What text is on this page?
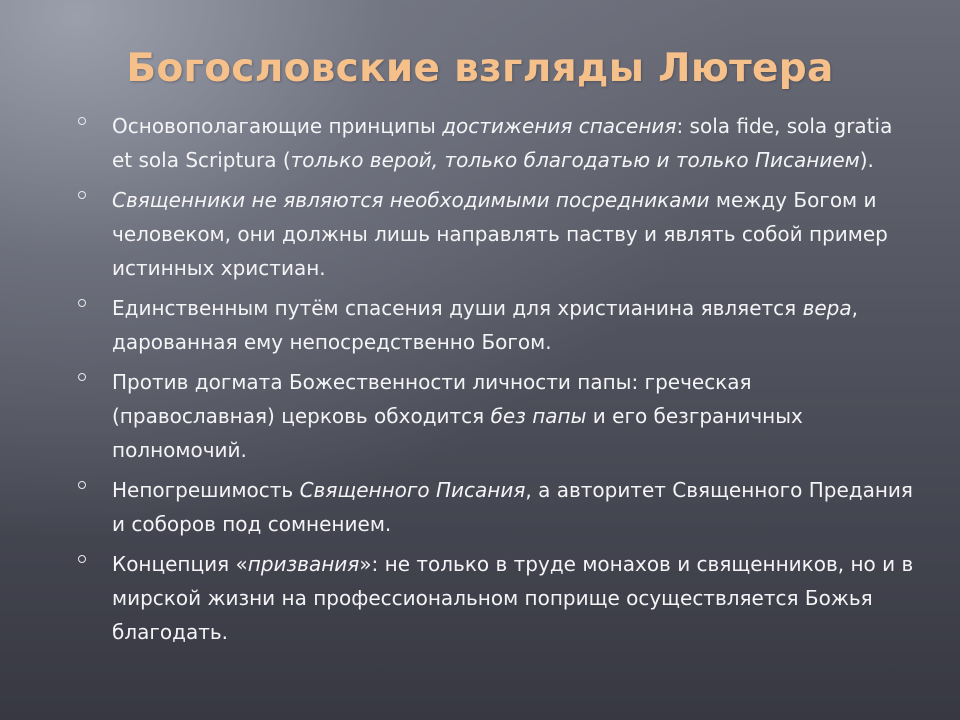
Богословские взгляды Лютера
Основополагающие принципы достижения спасения: sola fide, sola gratia et sola Scriptura (только верой, только благодатью и только Писанием).
Священники не являются необходимыми посредниками между Богом и человеком, они должны лишь направлять паству и являть собой пример истинных христиан.
Единственным путём спасения души для христианина является вера, дарованная ему непосредственно Богом.
Против догмата Божественности личности папы: греческая (православная) церковь обходится без папы и его безграничных полномочий.
Непогрешимость Священного Писания, а авторитет Священного Предания и соборов под сомнением.
Концепция «призвания»: не только в труде монахов и священников, но и в мирской жизни на профессиональном поприще осуществляется Божья благодать.
